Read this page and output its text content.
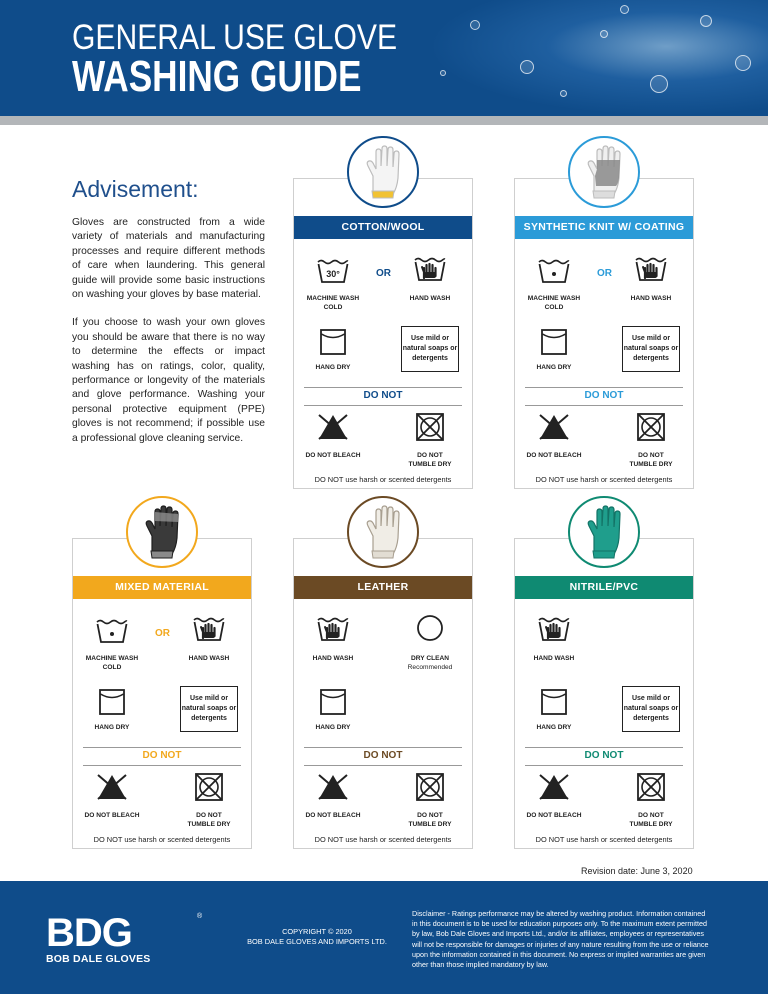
GENERAL USE GLOVE
WASHING GUIDE
Advisement:

Gloves are constructed from a wide variety of materials and manufacturing processes and require different methods of care when laundering. This general guide will provide some basic instructions on washing your gloves by base material.

If you choose to wash your own gloves you should be aware that there is no way to determine the effects or impact washing has on ratings, color, quality, performance or longevity of the materials and glove performance. Washing your personal protective equipment (PPE) gloves is not recommend; if possible use a professional glove cleaning service.

COTTON/WOOL
30°
MACHINE WASH
COLD
OR
HAND WASH
HANG DRY
Use mild or natural soaps or detergents
DO NOT
DO NOT BLEACH	DO NOT
TUMBLE DRY
DO NOT use harsh or scented detergents
SYNTHETIC KNIT W/ COATING
MACHINE WASH
COLD
OR
HAND WASH
HANG DRY
Use mild or natural soaps or detergents
DO NOT
DO NOT BLEACH	DO NOT
TUMBLE DRY
DO NOT use harsh or scented detergents
MIXED MATERIAL
MACHINE WASH
COLD
OR
HAND WASH
HANG DRY
Use mild or natural soaps or detergents
DO NOT
DO NOT BLEACH	DO NOT
TUMBLE DRY
DO NOT use harsh or scented detergents
LEATHER
HAND WASH	DRY CLEAN
Recommended
HANG DRY
DO NOT
DO NOT BLEACH	DO NOT
TUMBLE DRY
DO NOT use harsh or scented detergents
NITRILE/PVC
HAND WASH
HANG DRY
Use mild or natural soaps or detergents
DO NOT
DO NOT BLEACH	DO NOT
TUMBLE DRY
DO NOT use harsh or scented detergents
Revision date: June 3, 2020
BDG	®
BOB DALE GLOVES
COPYRIGHT © 2020
BOB DALE GLOVES AND IMPORTS LTD.
Disclaimer - Ratings performance may be altered by washing product. Information contained in this document is to be used for education purposes only. To the maximum extent permitted by law, Bob Dale Gloves and Imports Ltd., and/or its affiliates, employees or representatives will not be responsible for damages or injuries of any nature resulting from the use or reliance upon the information contained in this document. No express or implied warranties are given other than those implied mandatory by law.
